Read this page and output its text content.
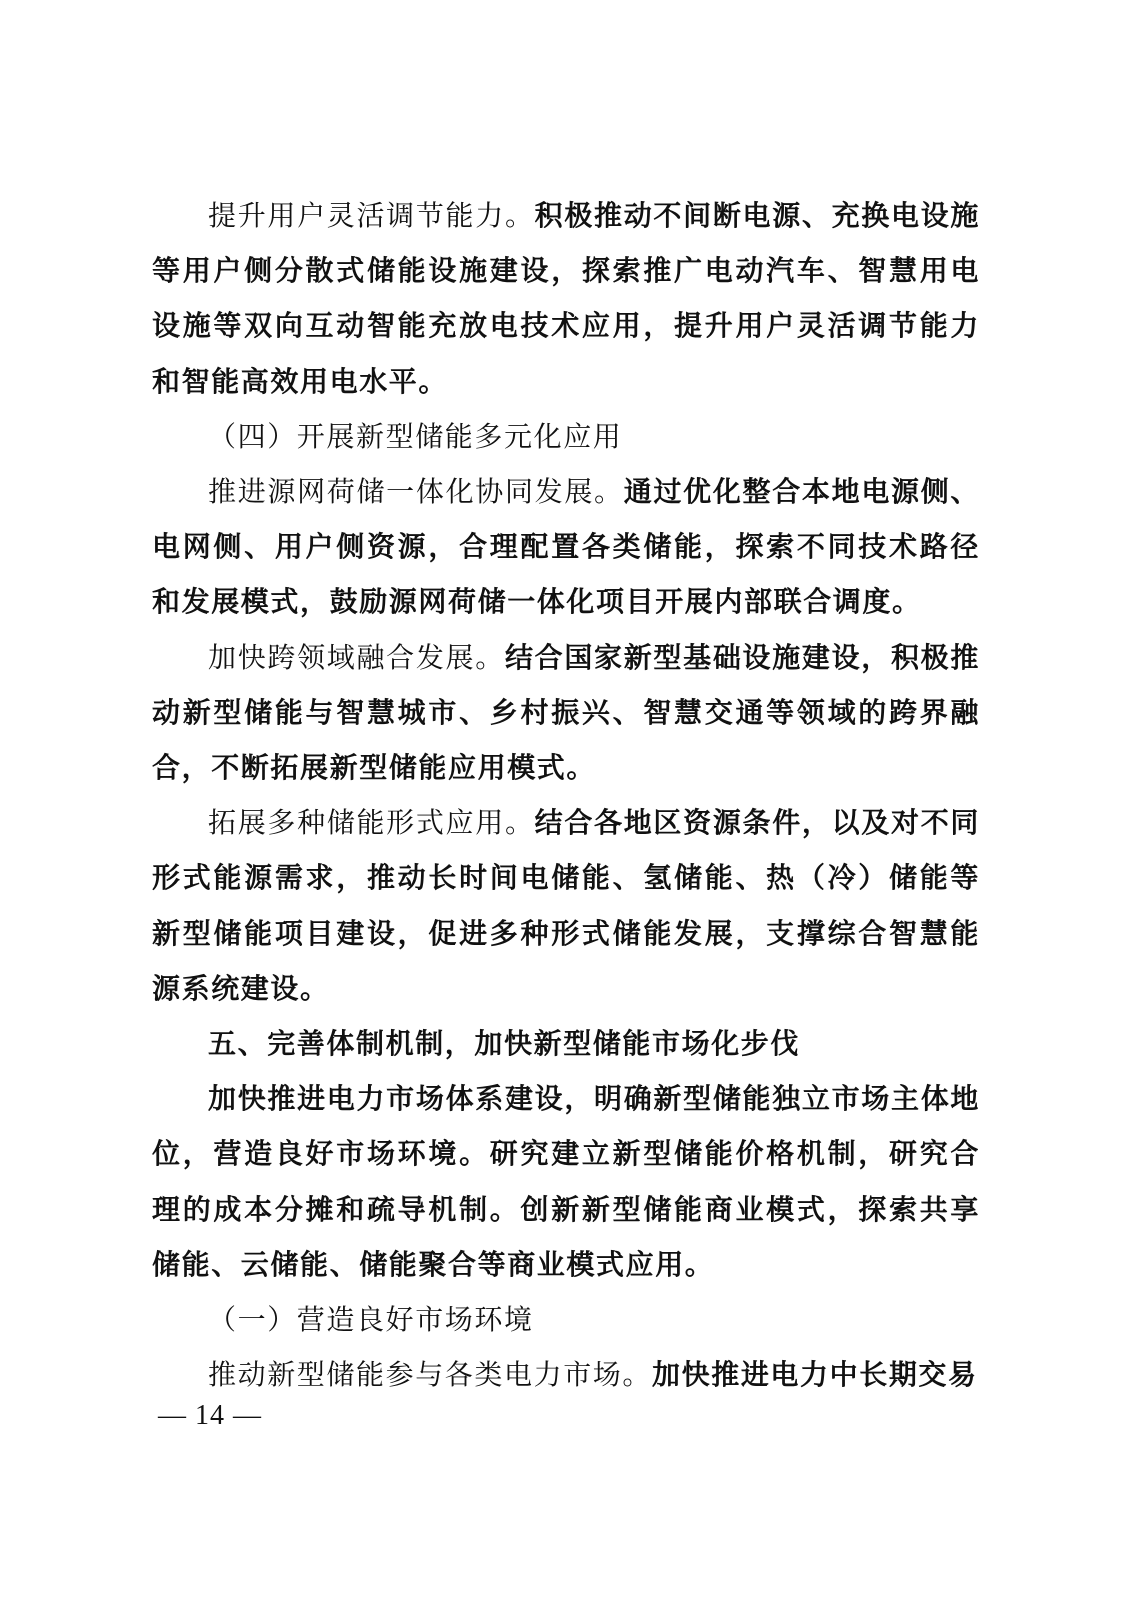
提升用户灵活调节能力。积极推动不间断电源、充换电设施等用户侧分散式储能设施建设，探索推广电动汽车、智慧用电设施等双向互动智能充放电技术应用，提升用户灵活调节能力和智能高效用电水平。

（四）开展新型储能多元化应用

推进源网荷储一体化协同发展。通过优化整合本地电源侧、电网侧、用户侧资源，合理配置各类储能，探索不同技术路径和发展模式，鼓励源网荷储一体化项目开展内部联合调度。

加快跨领域融合发展。结合国家新型基础设施建设，积极推动新型储能与智慧城市、乡村振兴、智慧交通等领域的跨界融合，不断拓展新型储能应用模式。

拓展多种储能形式应用。结合各地区资源条件，以及对不同形式能源需求，推动长时间电储能、氢储能、热（冷）储能等新型储能项目建设，促进多种形式储能发展，支撑综合智慧能源系统建设。

五、完善体制机制，加快新型储能市场化步伐

加快推进电力市场体系建设，明确新型储能独立市场主体地位，营造良好市场环境。研究建立新型储能价格机制，研究合理的成本分摊和疏导机制。创新新型储能商业模式，探索共享储能、云储能、储能聚合等商业模式应用。

（一）营造良好市场环境

推动新型储能参与各类电力市场。加快推进电力中长期交易

— 14 —
